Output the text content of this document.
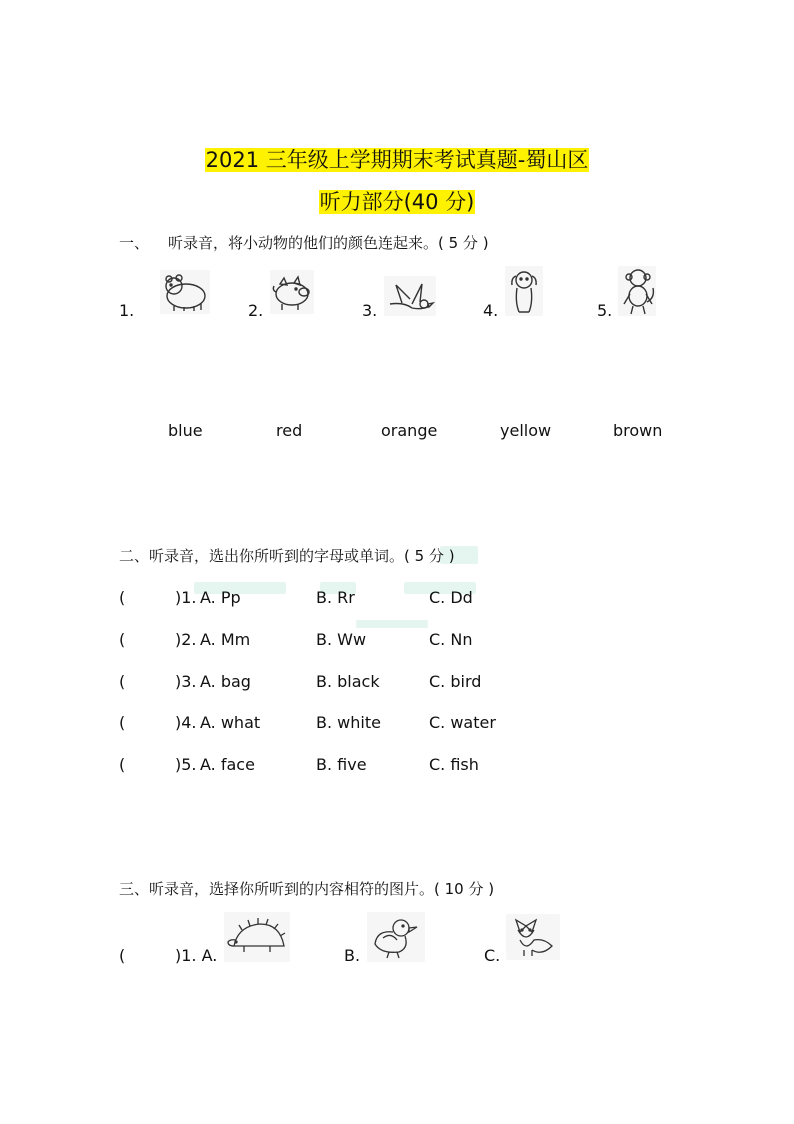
2021 三年级上学期期末考试真题-蜀山区
听力部分(40 分)
一、 听录音，将小动物的他们的颜色连起来。( 5 分 )
1.	2.	3.	4.	5.
blue	red	orange	yellow	brown
二、听录音，选出你所听到的字母或单词。( 5 分 )
(	)1. A. Pp	B. Rr	C. Dd
(	)2. A. Mm	B. Ww	C. Nn
(	)3. A. bag	B. black	C. bird
(	)4. A. what	B. white	C. water
(	)5. A. face	B. five	C. fish
三、听录音，选择你所听到的内容相符的图片。( 10 分 )
(	)1. A.	B.	C.
